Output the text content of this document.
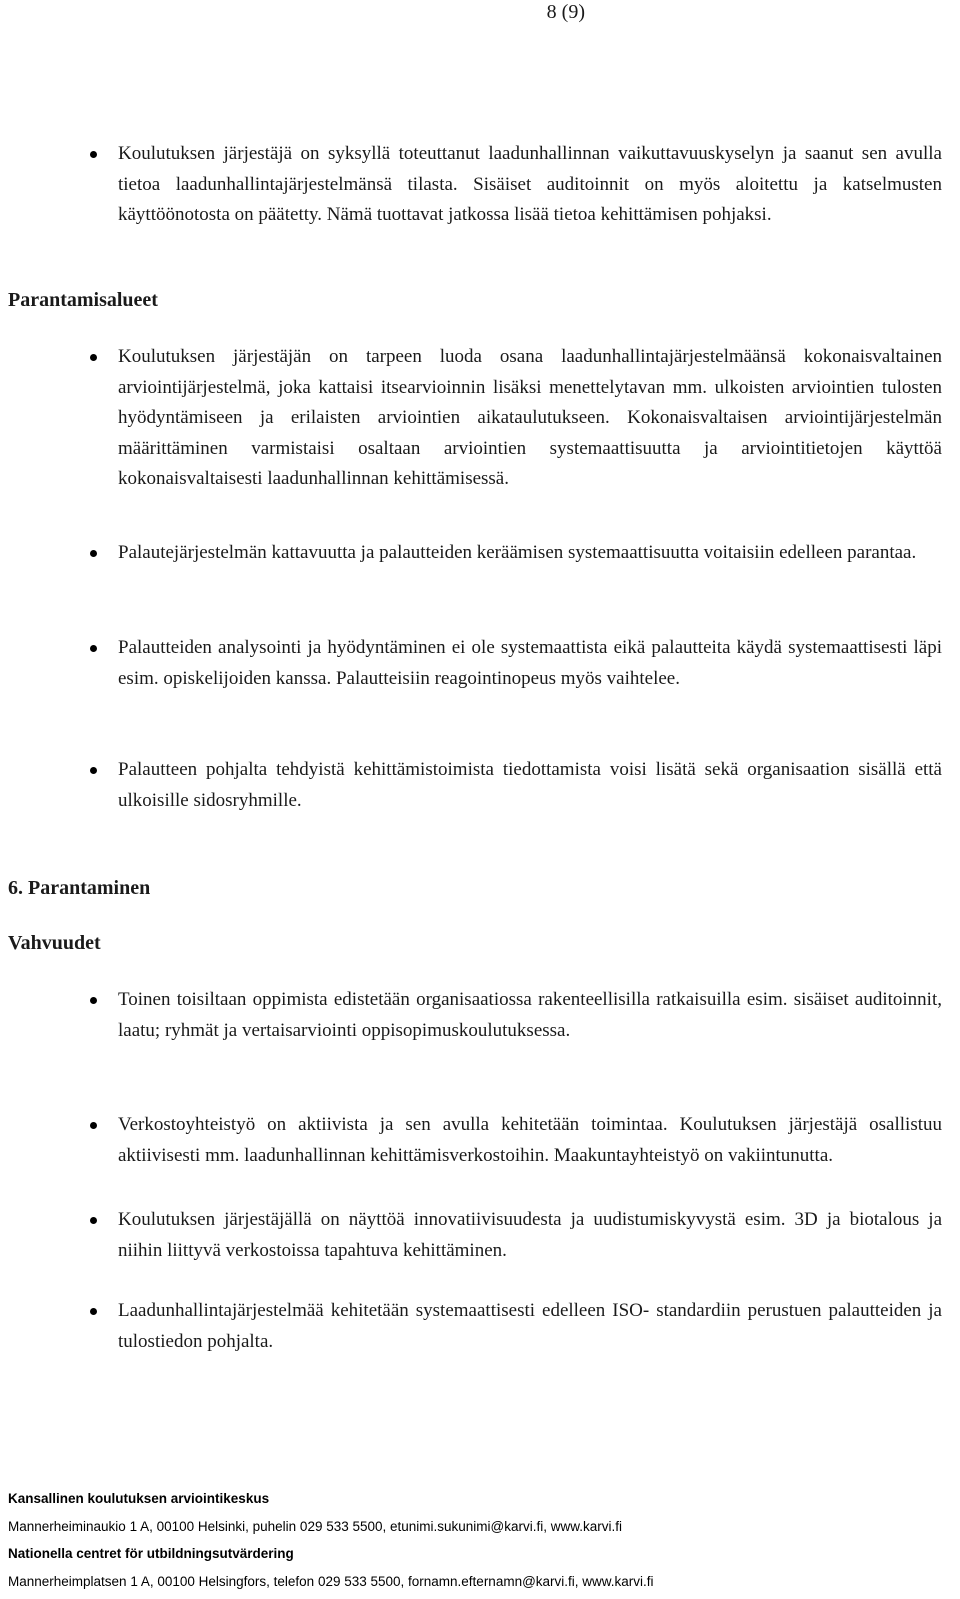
8 (9)

Koulutuksen järjestäjä on syksyllä toteuttanut laadunhallinnan vaikuttavuuskyselyn ja saanut sen avulla tietoa laadunhallintajärjestelmänsä tilasta. Sisäiset auditoinnit on myös aloitettu ja katselmusten käyttöönotosta on päätetty. Nämä tuottavat jatkossa lisää tietoa kehittämisen pohjaksi.

Parantamisalueet

Koulutuksen järjestäjän on tarpeen luoda osana laadunhallintajärjestelmäänsä kokonaisvaltainen arviointijärjestelmä, joka kattaisi itsearvioinnin lisäksi menettelytavan mm. ulkoisten arviointien tulosten hyödyntämiseen ja erilaisten arviointien aikataulutukseen. Kokonaisvaltaisen arviointijärjestelmän määrittäminen varmistaisi osaltaan arviointien systemaattisuutta ja arviointitietojen käyttöä kokonaisvaltaisesti laadunhallinnan kehittämisessä.

Palautejärjestelmän kattavuutta ja palautteiden keräämisen systemaattisuutta voitaisiin edelleen parantaa.

Palautteiden analysointi ja hyödyntäminen ei ole systemaattista eikä palautteita käydä systemaattisesti läpi esim. opiskelijoiden kanssa. Palautteisiin reagointinopeus myös vaihtelee.

Palautteen pohjalta tehdyistä kehittämistoimista tiedottamista voisi lisätä sekä organisaation sisällä että ulkoisille sidosryhmille.

6. Parantaminen
Vahvuudet

Toinen toisiltaan oppimista edistetään organisaatiossa rakenteellisilla ratkaisuilla esim. sisäiset auditoinnit, laatu; ryhmät ja vertaisarviointi oppisopimuskoulutuksessa.

Verkostoyhteistyö on aktiivista ja sen avulla kehitetään toimintaa. Koulutuksen järjestäjä osallistuu aktiivisesti mm. laadunhallinnan kehittämisverkostoihin. Maakuntayhteistyö on vakiintunutta.

Koulutuksen järjestäjällä on näyttöä innovatiivisuudesta ja uudistumiskyvystä esim. 3D ja biotalous ja niihin liittyvä verkostoissa tapahtuva kehittäminen.

Laadunhallintajärjestelmää kehitetään systemaattisesti edelleen ISO- standardiin perustuen palautteiden ja tulostiedon pohjalta.

Kansallinen koulutuksen arviointikeskus
Mannerheiminaukio 1 A, 00100 Helsinki, puhelin 029 533 5500, etunimi.sukunimi@karvi.fi, www.karvi.fi
Nationella centret för utbildningsutvärdering
Mannerheimplatsen 1 A, 00100 Helsingfors, telefon 029 533 5500, fornamn.efternamn@karvi.fi, www.karvi.fi
